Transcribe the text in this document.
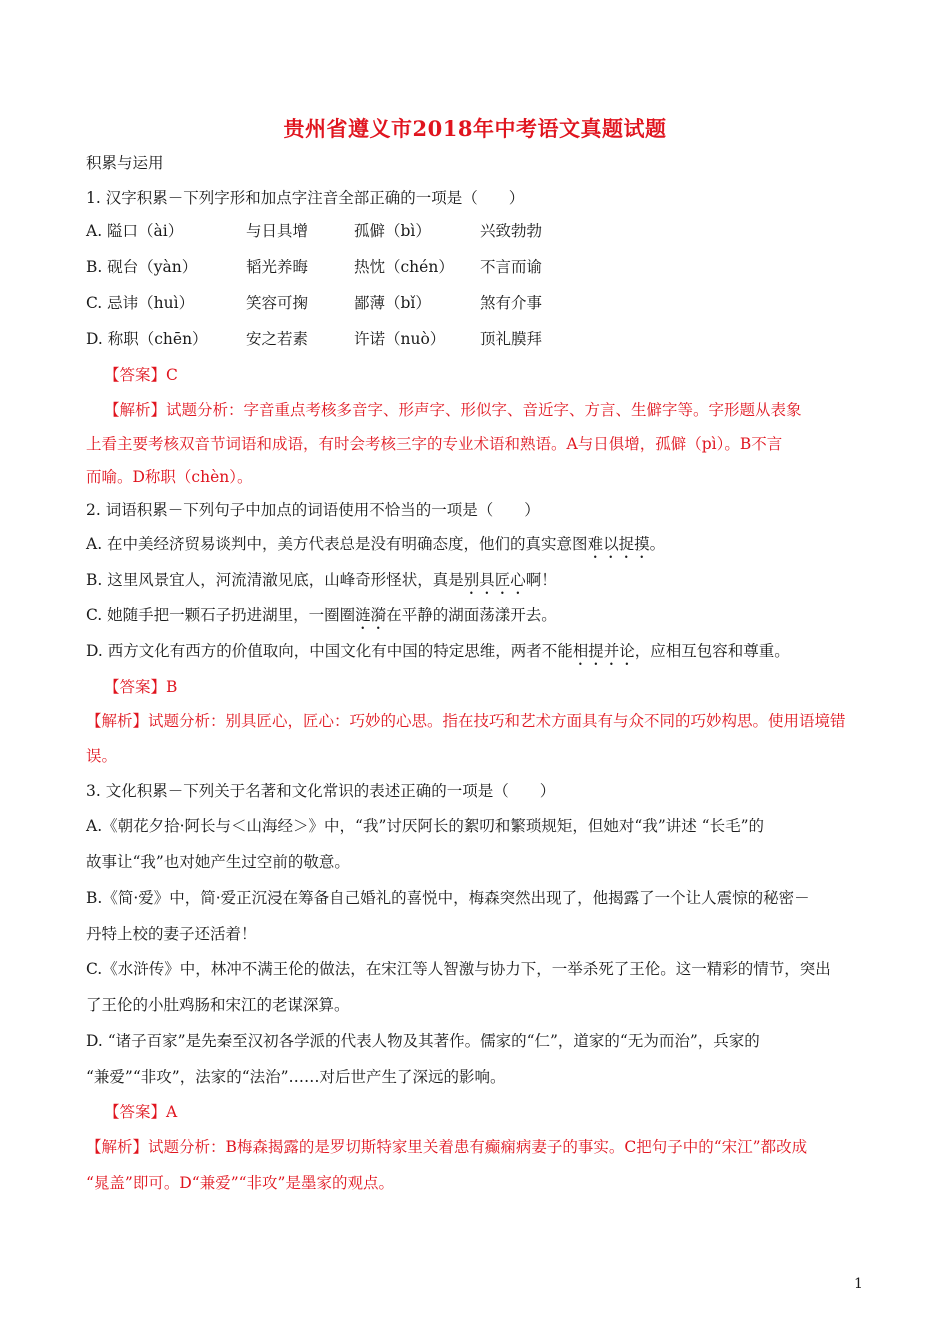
贵州省遵义市2018年中考语文真题试题
积累与运用
1. 汉字积累－下列字形和加点字注音全部正确的一项是（　　）
A. 隘口（ài）	与日具增	孤僻（bì）	兴致勃勃
B. 砚台（yàn）	韬光养晦	热忱（chén） 不言而谕
C. 忌讳（huì）	笑容可掬	鄙薄（bǐ）	煞有介事
D. 称职（chēn） 安之若素	许诺（nuò） 顶礼膜拜
【答案】C
【解析】试题分析：字音重点考核多音字、形声字、形似字、音近字、方言、生僻字等。字形题从表象
上看主要考核双音节词语和成语，有时会考核三字的专业术语和熟语。A与日俱增，孤僻（pì）。B不言
而喻。D称职（chèn）。
2. 词语积累－下列句子中加点的词语使用不恰当的一项是（　　）
A. 在中美经济贸易谈判中，美方代表总是没有明确态度，他们的真实意图难以捉摸。
B. 这里风景宜人，河流清澈见底，山峰奇形怪状，真是别具匠心啊！
C. 她随手把一颗石子扔进湖里，一圈圈涟漪在平静的湖面荡漾开去。
D. 西方文化有西方的价值取向，中国文化有中国的特定思维，两者不能相提并论，应相互包容和尊重。
【答案】B
【解析】试题分析：别具匠心，匠心：巧妙的心思。指在技巧和艺术方面具有与众不同的巧妙构思。使用语境错
误。
3. 文化积累－下列关于名著和文化常识的表述正确的一项是（　　）
A.《朝花夕拾·阿长与＜山海经＞》中，“我”讨厌阿长的絮叨和繁琐规矩，但她对“我”讲述 “长毛”的
故事让“我”也对她产生过空前的敬意。
B.《简·爱》中，简·爱正沉浸在筹备自己婚礼的喜悦中，梅森突然出现了，他揭露了一个让人震惊的秘密－
丹特上校的妻子还活着！
C.《水浒传》中，林冲不满王伦的做法，在宋江等人智激与协力下，一举杀死了王伦。这一精彩的情节，突出
了王伦的小肚鸡肠和宋江的老谋深算。
D. “诸子百家”是先秦至汉初各学派的代表人物及其著作。儒家的“仁”，道家的“无为而治”，兵家的
“兼爱”“非攻”，法家的“法治”……对后世产生了深远的影响。
【答案】A
【解析】试题分析：B梅森揭露的是罗切斯特家里关着患有癫痫病妻子的事实。C把句子中的“宋江”都改成
“晁盖”即可。D“兼爱”“非攻”是墨家的观点。
1
